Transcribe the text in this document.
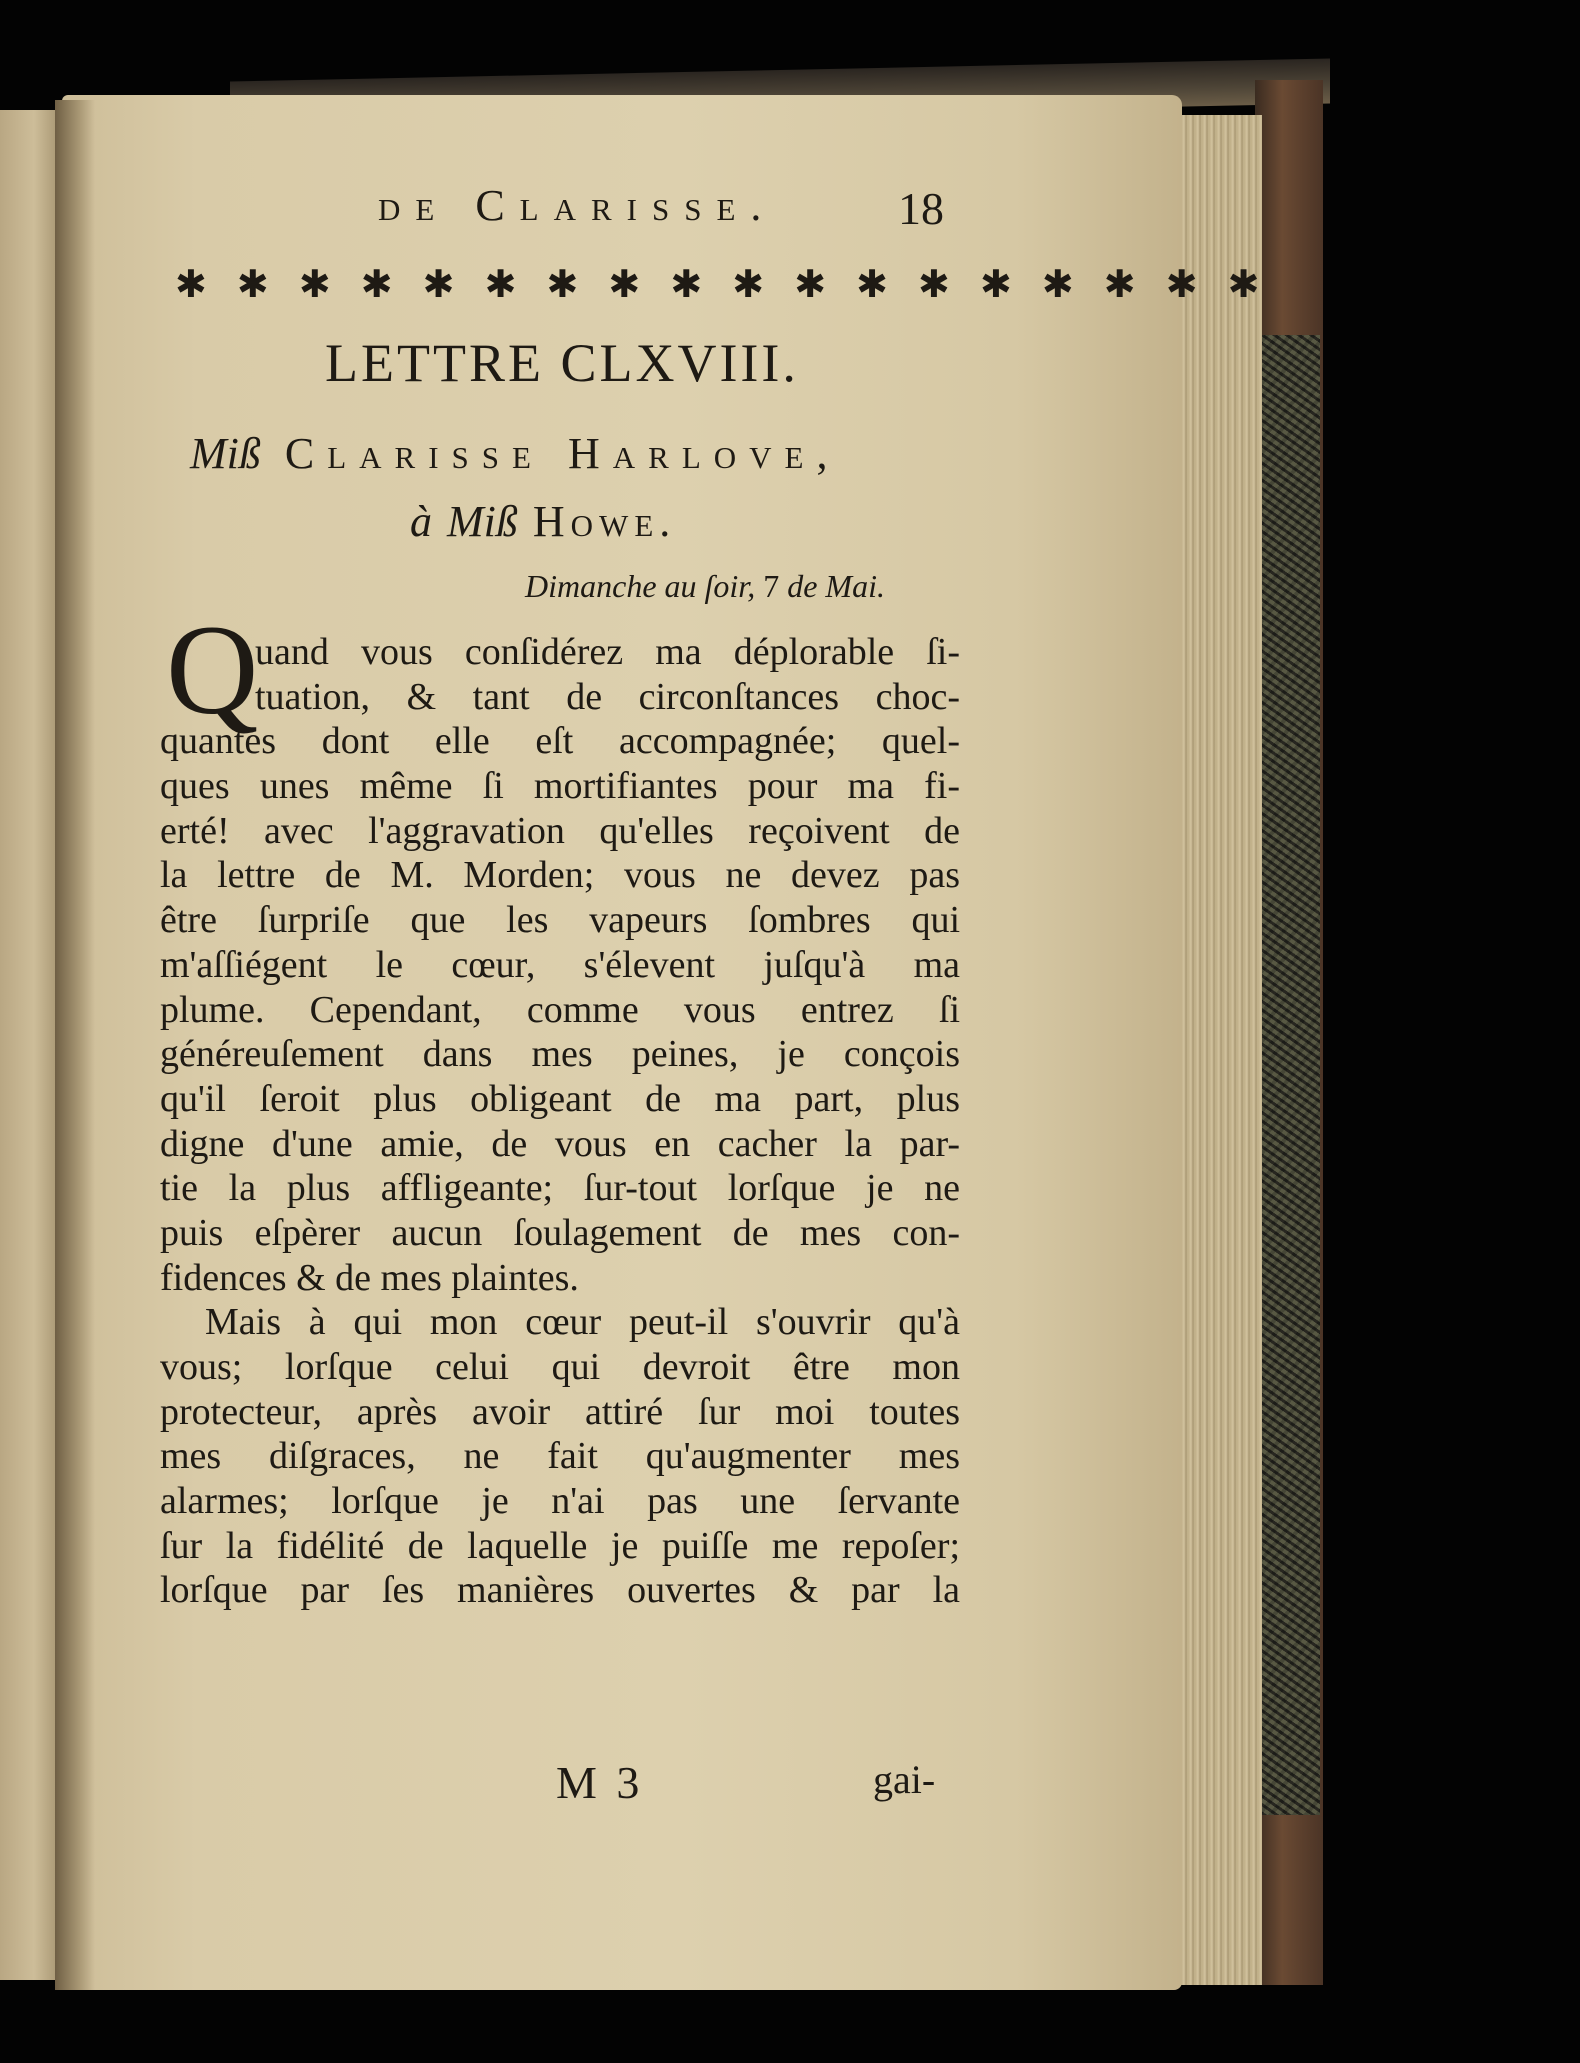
de Clarisse.	18
✱ ✱ ✱ ✱ ✱ ✱ ✱ ✱ ✱ ✱ ✱ ✱ ✱ ✱ ✱ ✱ ✱ ✱
LETTRE CLXVIII.
Miß Clarisse Harlove,
à Miß Howe.
Dimanche au ſoir, 7 de Mai.
Q
uand vous conſidérez ma déplorable ſi-
tuation, & tant de circonſtances choc-
quantes dont elle eſt accompagnée; quel-
ques unes même ſi mortifiantes pour ma fi-
erté! avec l'aggravation qu'elles reçoivent de
la lettre de M. Morden; vous ne devez pas
être ſurpriſe que les vapeurs ſombres qui
m'aſſiégent le cœur, s'élevent juſqu'à ma
plume. Cependant, comme vous entrez ſi
généreuſement dans mes peines, je conçois
qu'il ſeroit plus obligeant de ma part, plus
digne d'une amie, de vous en cacher la par-
tie la plus affligeante; ſur-tout lorſque je ne
puis eſpèrer aucun ſoulagement de mes con-
fidences & de mes plaintes.
Mais à qui mon cœur peut-il s'ouvrir qu'à
vous; lorſque celui qui devroit être mon
protecteur, après avoir attiré ſur moi toutes
mes diſgraces, ne fait qu'augmenter mes
alarmes; lorſque je n'ai pas une ſervante
ſur la fidélité de laquelle je puiſſe me repoſer;
lorſque par ſes manières ouvertes & par la
M 3	gai-
